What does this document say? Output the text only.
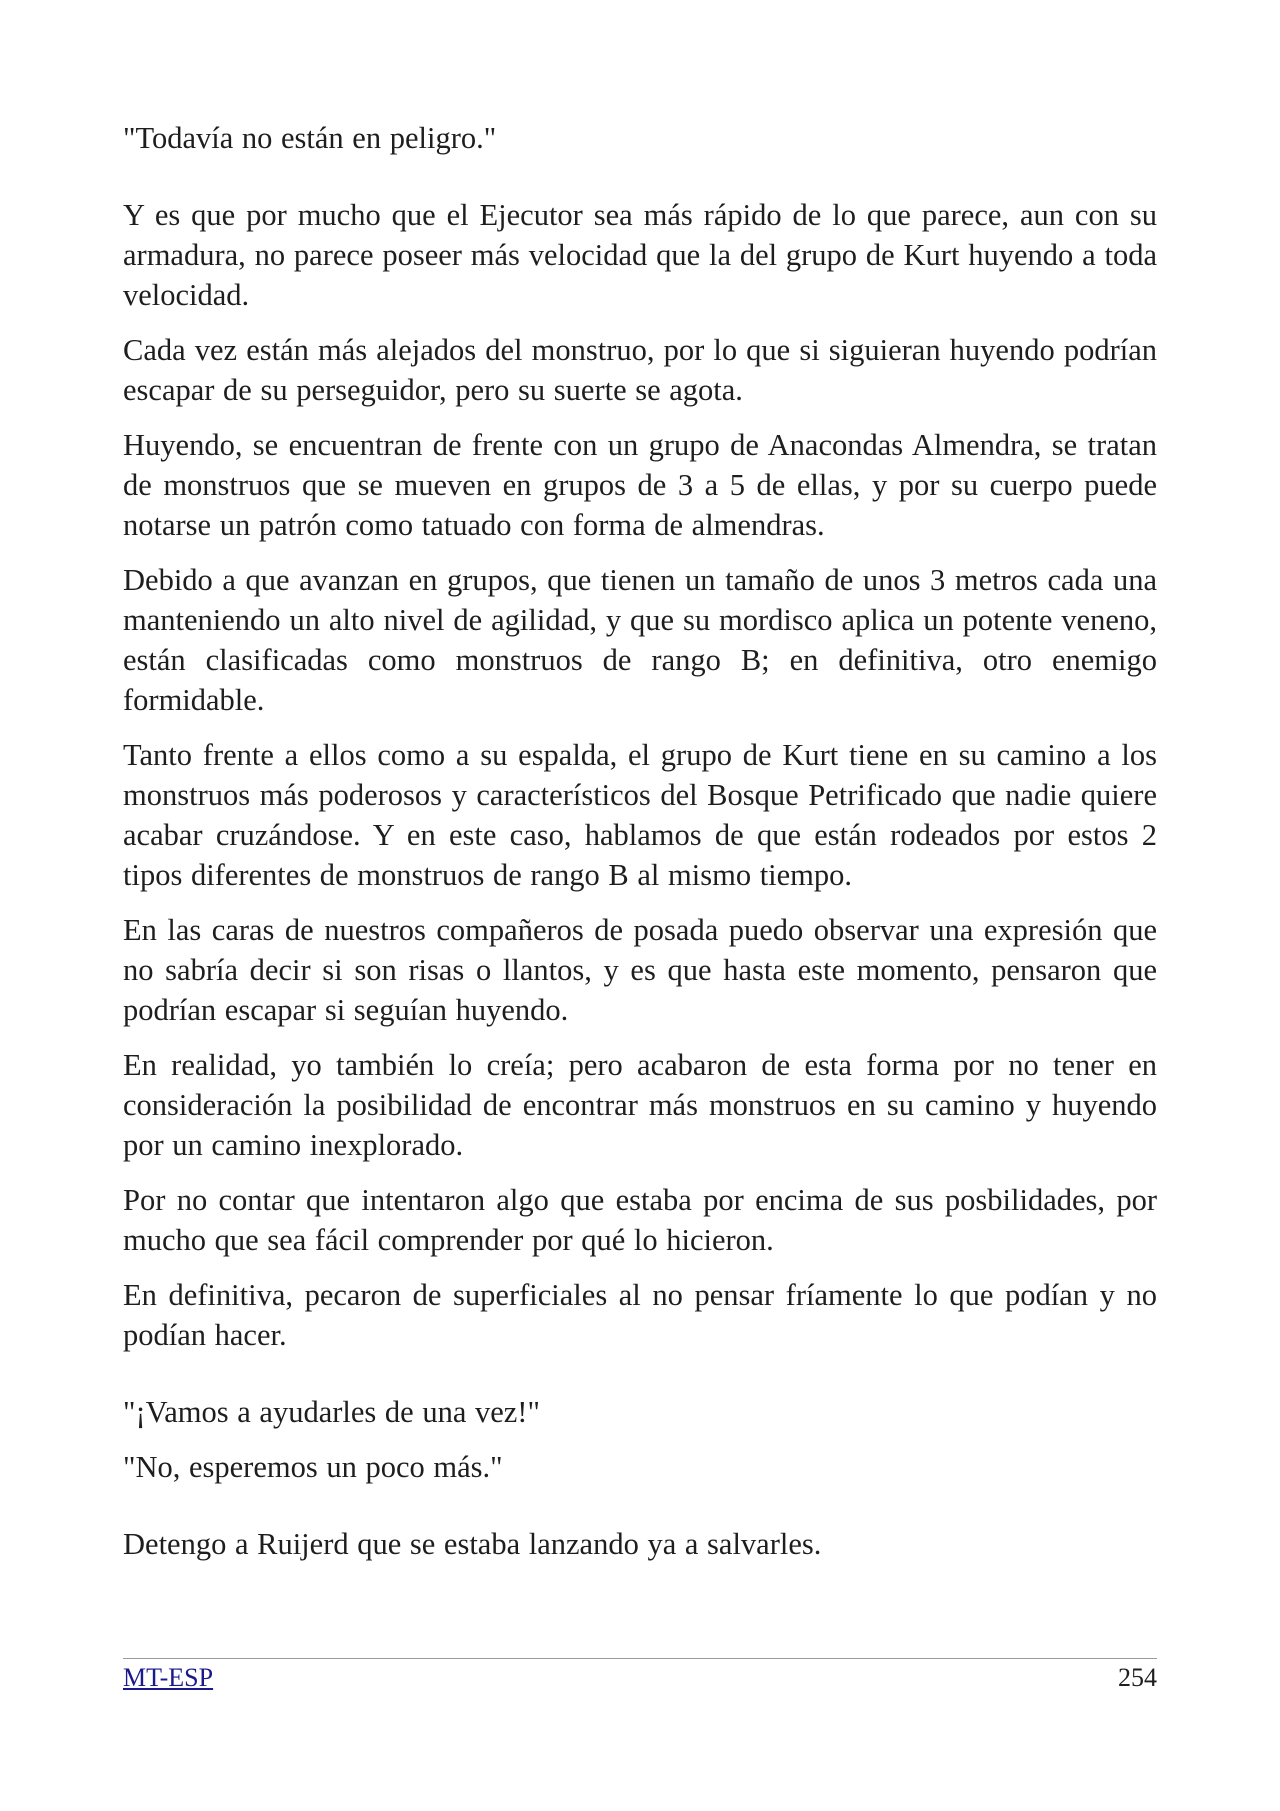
"Todavía no están en peligro."

Y es que por mucho que el Ejecutor sea más rápido de lo que parece, aun con su armadura, no parece poseer más velocidad que la del grupo de Kurt huyendo a toda velocidad.

Cada vez están más alejados del monstruo, por lo que si siguieran huyendo podrían escapar de su perseguidor, pero su suerte se agota.

Huyendo, se encuentran de frente con un grupo de Anacondas Almendra, se tratan de monstruos que se mueven en grupos de 3 a 5 de ellas, y por su cuerpo puede notarse un patrón como tatuado con forma de almendras.

Debido a que avanzan en grupos, que tienen un tamaño de unos 3 metros cada una manteniendo un alto nivel de agilidad, y que su mordisco aplica un potente veneno, están clasificadas como monstruos de rango B; en definitiva, otro enemigo formidable.

Tanto frente a ellos como a su espalda, el grupo de Kurt tiene en su camino a los monstruos más poderosos y característicos del Bosque Petrificado que nadie quiere acabar cruzándose. Y en este caso, hablamos de que están rodeados por estos 2 tipos diferentes de monstruos de rango B al mismo tiempo.

En las caras de nuestros compañeros de posada puedo observar una expresión que no sabría decir si son risas o llantos, y es que hasta este momento, pensaron que podrían escapar si seguían huyendo.

En realidad, yo también lo creía; pero acabaron de esta forma por no tener en consideración la posibilidad de encontrar más monstruos en su camino y huyendo por un camino inexplorado.

Por no contar que intentaron algo que estaba por encima de sus posbilidades, por mucho que sea fácil comprender por qué lo hicieron.

En definitiva, pecaron de superficiales al no pensar fríamente lo que podían y no podían hacer.

"¡Vamos a ayudarles de una vez!"

"No, esperemos un poco más."

Detengo a Ruijerd que se estaba lanzando ya a salvarles.

MT-ESP	254
